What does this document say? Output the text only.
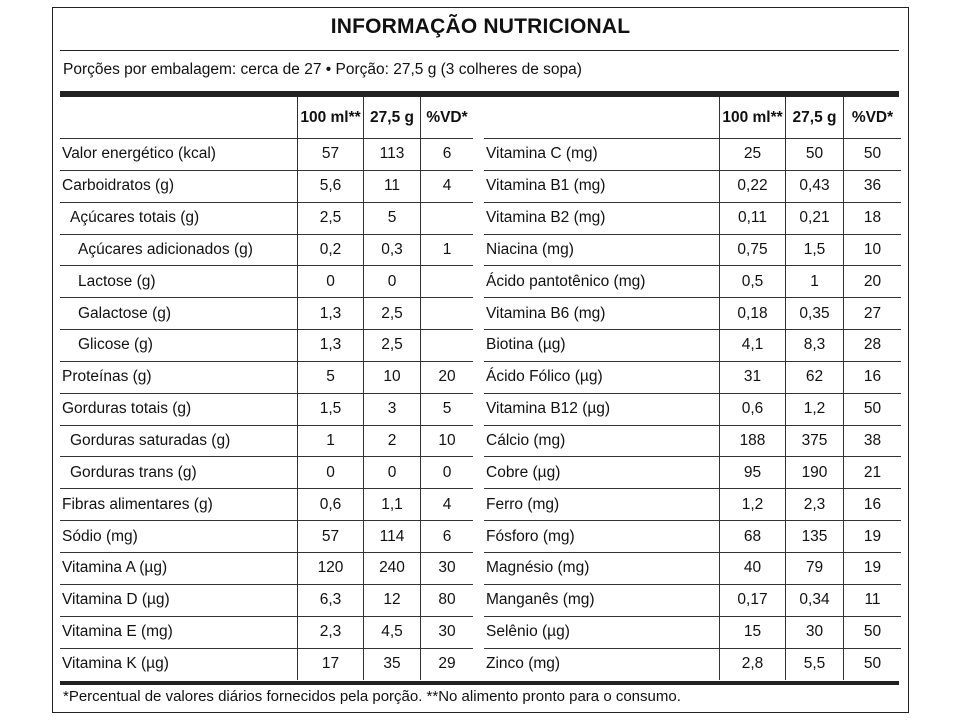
INFORMAÇÃO NUTRICIONAL
Porções por embalagem: cerca de 27 • Porção: 27,5 g (3 colheres de sopa)
100 ml** 27,5 g %VD*
Valor energético (kcal)	57	113	6
Carboidratos (g)	5,6	11	4
Açúcares totais (g)	2,5	5
Açúcares adicionados (g)	0,2	0,3	1
Lactose (g)	0	0
Galactose (g)	1,3	2,5
Glicose (g)	1,3	2,5
Proteínas (g)	5	10	20
Gorduras totais (g)	1,5	3	5
Gorduras saturadas (g)	1	2	10
Gorduras trans (g)	0	0	0
Fibras alimentares (g)	0,6	1,1	4
Sódio (mg)	57	114	6
Vitamina A (µg)	120	240	30
Vitamina D (µg)	6,3	12	80
Vitamina E (mg)	2,3	4,5	30
Vitamina K (µg)	17	35	29
100 ml** 27,5 g %VD*
Vitamina C (mg)	25	50	50
Vitamina B1 (mg)	0,22	0,43	36
Vitamina B2 (mg)	0,11	0,21	18
Niacina (mg)	0,75	1,5	10
Ácido pantotênico (mg)	0,5	1	20
Vitamina B6 (mg)	0,18	0,35	27
Biotina (µg)	4,1	8,3	28
Ácido Fólico (µg)	31	62	16
Vitamina B12 (µg)	0,6	1,2	50
Cálcio (mg)	188	375	38
Cobre (µg)	95	190	21
Ferro (mg)	1,2	2,3	16
Fósforo (mg)	68	135	19
Magnésio (mg)	40	79	19
Manganês (mg)	0,17	0,34	11
Selênio (µg)	15	30	50
Zinco (mg)	2,8	5,5	50
*Percentual de valores diários fornecidos pela porção. **No alimento pronto para o consumo.
